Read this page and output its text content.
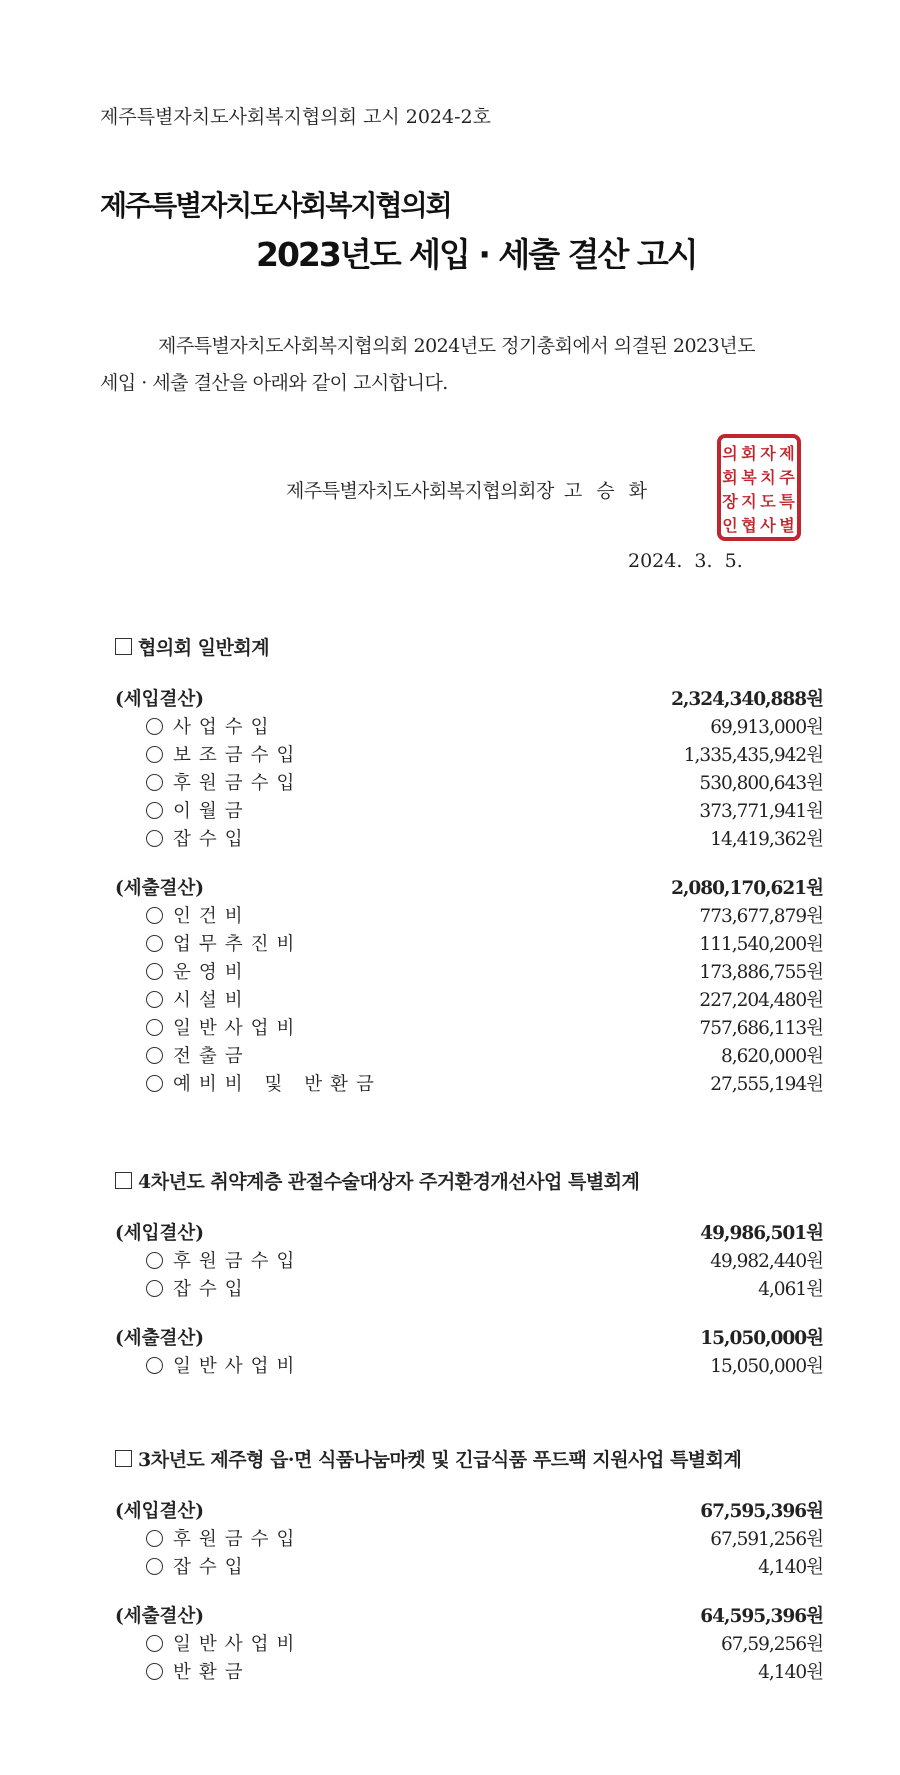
제주특별자치도사회복지협의회 고시 2024-2호
제주특별자치도사회복지협의회
2023년도 세입 · 세출 결산 고시
제주특별자치도사회복지협의회 2024년도 정기총회에서 의결된 2023년도
세입 · 세출 결산을 아래와 같이 고시합니다.
제
주
특
별
자
치
도
사
회
복
지
협
의
회
장
인
제주특별자치도사회복지협의회장 고 승 화
2024. 3. 5.
협의회 일반회계
(세입결산)	2,324,340,888원
사업수입	69,913,000원
보조금수입	1,335,435,942원
후원금수입	530,800,643원
이월금	373,771,941원
잡수입	14,419,362원
(세출결산)	2,080,170,621원
인건비	773,677,879원
업무추진비	111,540,200원
운영비	173,886,755원
시설비	227,204,480원
일반사업비	757,686,113원
전출금	8,620,000원
예비비 및 반환금	27,555,194원
4차년도 취약계층 관절수술대상자 주거환경개선사업 특별회계
(세입결산)	49,986,501원
후원금수입	49,982,440원
잡수입	4,061원
(세출결산)	15,050,000원
일반사업비	15,050,000원
3차년도 제주형 읍·면 식품나눔마켓 및 긴급식품 푸드팩 지원사업 특별회계
(세입결산)	67,595,396원
후원금수입	67,591,256원
잡수입	4,140원
(세출결산)	64,595,396원
일반사업비	67,59,256원
반환금	4,140원
